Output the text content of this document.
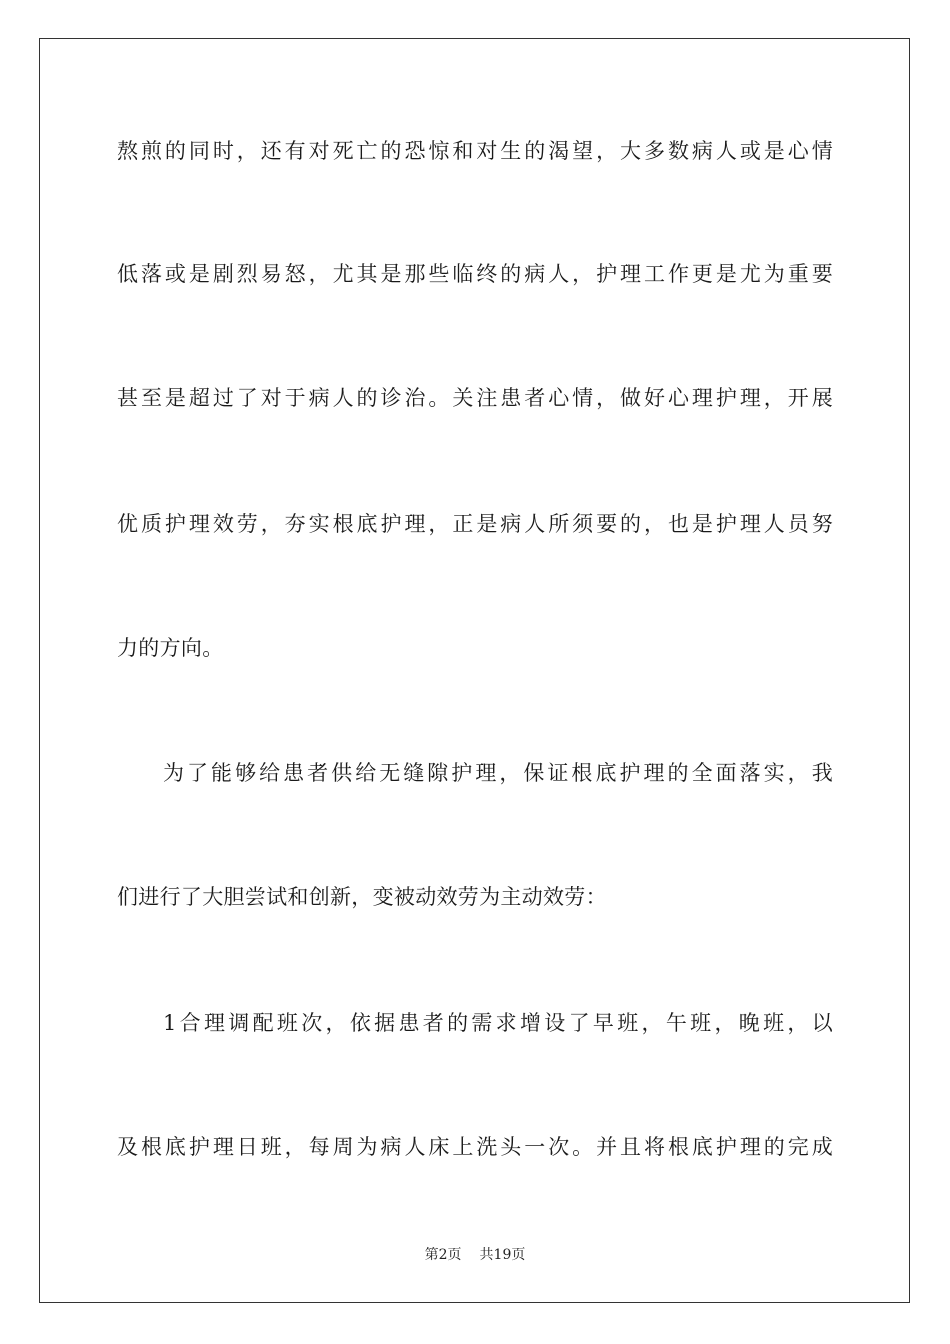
熬煎的同时，还有对死亡的恐惊和对生的渴望，大多数病人或是心情
低落或是剧烈易怒，尤其是那些临终的病人，护理工作更是尤为重要
甚至是超过了对于病人的诊治。关注患者心情，做好心理护理，开展
优质护理效劳，夯实根底护理，正是病人所须要的，也是护理人员努
力的方向。
为了能够给患者供给无缝隙护理，保证根底护理的全面落实，我
们进行了大胆尝试和创新，变被动效劳为主动效劳：
1合理调配班次，依据患者的需求增设了早班，午班，晚班，以
及根底护理日班，每周为病人床上洗头一次。并且将根底护理的完成
第2页 共19页
